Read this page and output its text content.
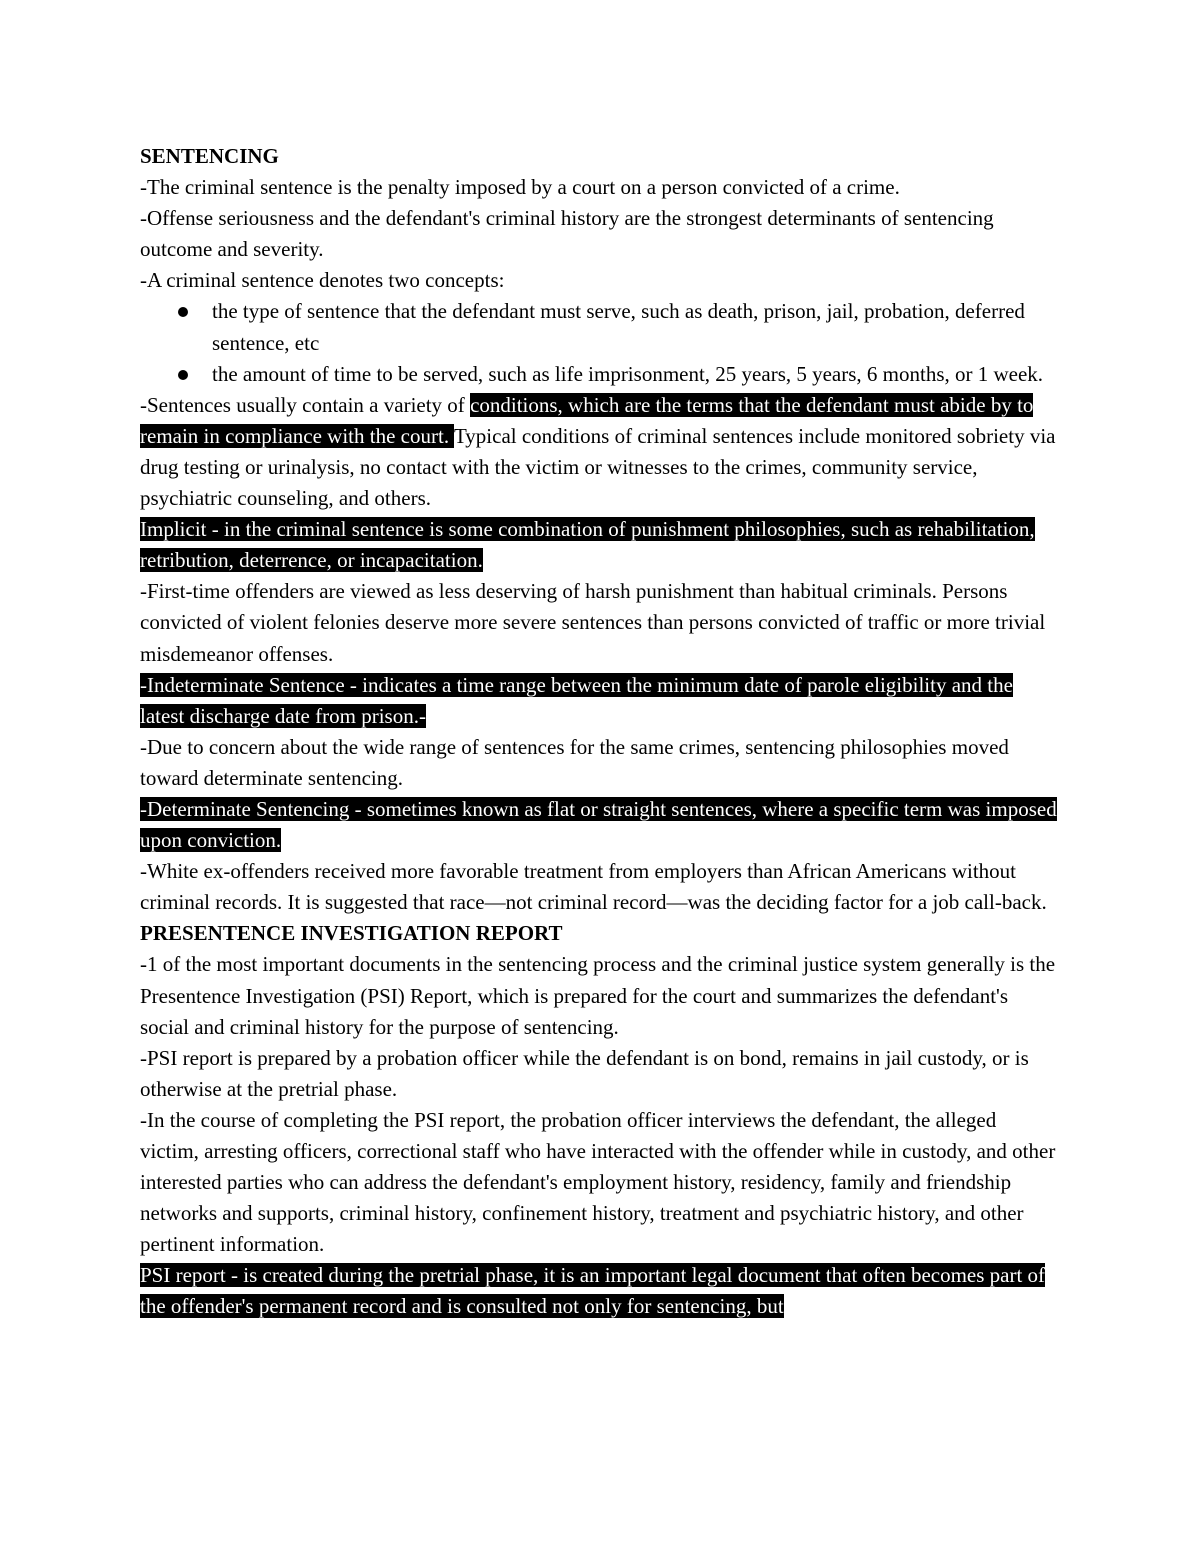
SENTENCING

-The criminal sentence is the penalty imposed by a court on a person convicted of a crime.

-Offense seriousness and the defendant's criminal history are the strongest determinants of sentencing outcome and severity.

-A criminal sentence denotes two concepts:

the type of sentence that the defendant must serve, such as death, prison, jail, probation, deferred sentence, etc
the amount of time to be served, such as life imprisonment, 25 years, 5 years, 6 months, or 1 week.

-Sentences usually contain a variety of conditions, which are the terms that the defendant must abide by to remain in compliance with the court. Typical conditions of criminal sentences include monitored sobriety via drug testing or urinalysis, no contact with the victim or witnesses to the crimes, community service, psychiatric counseling, and others.

Implicit - in the criminal sentence is some combination of punishment philosophies, such as rehabilitation, retribution, deterrence, or incapacitation.

-First-time offenders are viewed as less deserving of harsh punishment than habitual criminals. Persons convicted of violent felonies deserve more severe sentences than persons convicted of traffic or more trivial misdemeanor offenses.

-Indeterminate Sentence - indicates a time range between the minimum date of parole eligibility and the latest discharge date from prison.-

-Due to concern about the wide range of sentences for the same crimes, sentencing philosophies moved toward determinate sentencing.

-Determinate Sentencing - sometimes known as flat or straight sentences, where a specific term was imposed upon conviction.

-White ex-offenders received more favorable treatment from employers than African Americans without criminal records. It is suggested that race—not criminal record—was the deciding factor for a job call-back.

PRESENTENCE INVESTIGATION REPORT

-1 of the most important documents in the sentencing process and the criminal justice system generally is the Presentence Investigation (PSI) Report, which is prepared for the court and summarizes the defendant's social and criminal history for the purpose of sentencing.

-PSI report is prepared by a probation officer while the defendant is on bond, remains in jail custody, or is otherwise at the pretrial phase.

-In the course of completing the PSI report, the probation officer interviews the defendant, the alleged victim, arresting officers, correctional staff who have interacted with the offender while in custody, and other interested parties who can address the defendant's employment history, residency, family and friendship networks and supports, criminal history, confinement history, treatment and psychiatric history, and other pertinent information.

PSI report - is created during the pretrial phase, it is an important legal document that often becomes part of the offender's permanent record and is consulted not only for sentencing, but
